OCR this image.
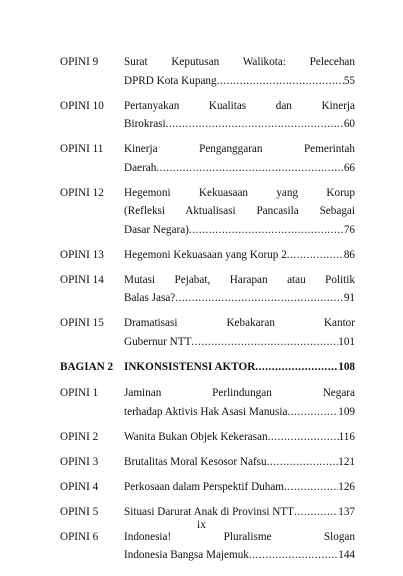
OPINI 9	Surat Keputusan Walikota: Pelecehan
DPRD Kota Kupang .....	55
OPINI 10	Pertanyakan Kualitas dan Kinerja
Birokrasi .....	60
OPINI 11	Kinerja Penganggaran Pemerintah
Daerah .....	66
OPINI 12	Hegemoni Kekuasaan yang Korup
(Refleksi Aktualisasi Pancasila Sebagai
Dasar Negara) .....	76
OPINI 13	Hegemoni Kekuasaan yang Korup 2 .....	86
OPINI 14	Mutasi Pejabat, Harapan atau Politik
Balas Jasa? .....	91
OPINI 15	Dramatisasi Kebakaran Kantor
Gubernur NTT .....	101
BAGIAN 2 INKONSISTENSI AKTOR .....	108
OPINI 1	Jaminan Perlindungan Negara
terhadap Aktivis Hak Asasi Manusia .....	109
OPINI 2	Wanita Bukan Objek Kekerasan .....	116
OPINI 3	Brutalitas Moral Kesosor Nafsu .....	121
OPINI 4	Perkosaan dalam Perspektif Duham .....	126
OPINI 5	Situasi Darurat Anak di Provinsi NTT .....	137
OPINI 6	Indonesia! Pluralisme Slogan
Indonesia Bangsa Majemuk .....	144
ix
